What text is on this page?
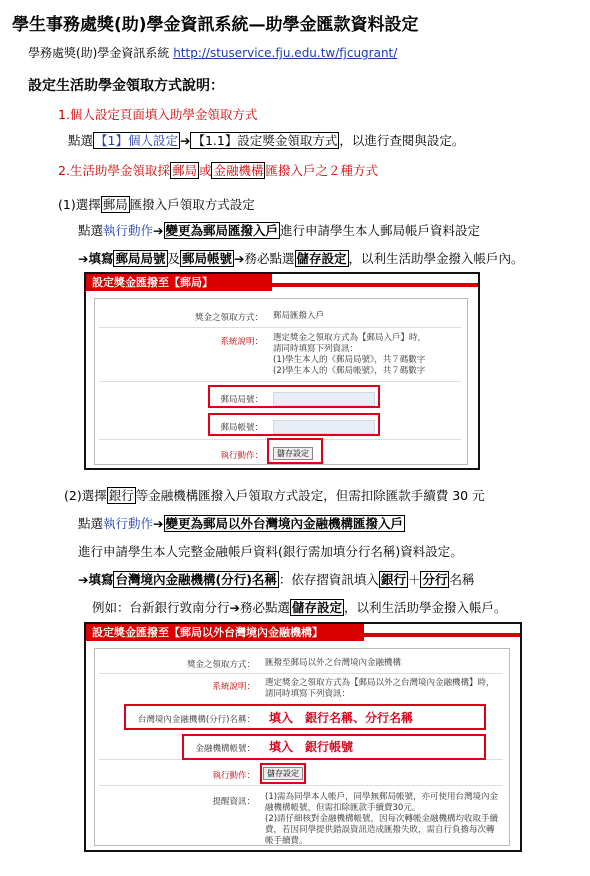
學生事務處獎(助)學金資訊系統—助學金匯款資料設定
學務處獎(助)學金資訊系統 http://stuservice.fju.edu.tw/fjcugrant/
設定生活助學金領取方式說明：
1.個人設定頁面填入助學金領取方式
點選 【1】個人設定 ➔ 【1.1】設定獎金領取方式 ，以進行查閱與設定。
2.生活助學金領取採 郵局 或 金融機構 匯撥入戶之２種方式
(1)選擇 郵局 匯撥入戶領取方式設定
點選執行動作➔ 變更為郵局匯撥入戶 進行申請學生本人郵局帳戶資料設定
➔填寫 郵局局號 及 郵局帳號 ➔務必點選 儲存設定 ，以利生活助學金撥入帳戶內。
設定獎金匯撥至【郵局】
獎金之領取方式： 郵局匯撥入戶
系統說明： 選定獎金之領取方式為【郵局入戶】時，
請同時填寫下列資訊：
(1)學生本人的《郵局局號》，共７碼數字
(2)學生本人的《郵局帳號》，共７碼數字
郵局局號：
郵局帳號：
執行動作：	儲存設定
(2)選擇 銀行 等金融機構匯撥入戶領取方式設定，但需扣除匯款手續費 30 元
點選執行動作➔ 變更為郵局以外台灣境內金融機構匯撥入戶
進行申請學生本人完整金融帳戶資料(銀行需加填分行名稱)資料設定。
➔填寫 台灣境內金融機構(分行)名稱 ：依存摺資訊填入 銀行 ＋ 分行 名稱
例如：台新銀行敦南分行➔務必點選 儲存設定 ，以利生活助學金撥入帳戶。
設定獎金匯撥至【郵局以外台灣境內金融機構】
獎金之領取方式： 匯撥至郵局以外之台灣境內金融機構
系統說明： 選定獎金之領取方式為【郵局以外之台灣境內金融機構】時，
請同時填寫下列資訊：
台灣境內金融機構(分行)名稱： 填入　銀行名稱、分行名稱
金融機構帳號： 填入　銀行帳號
執行動作：	儲存設定
提醒資訊： (1)需為同學本人帳戶，同學無郵局帳號，亦可使用台灣境內金
融機構帳號，但需扣除匯款手續費30元。
(2)請仔細核對金融機構帳號，因每次轉帳金融機構均收取手續
費，若因同學提供錯誤資訊造成匯撥失敗，需自行負擔每次轉
帳手續費。
